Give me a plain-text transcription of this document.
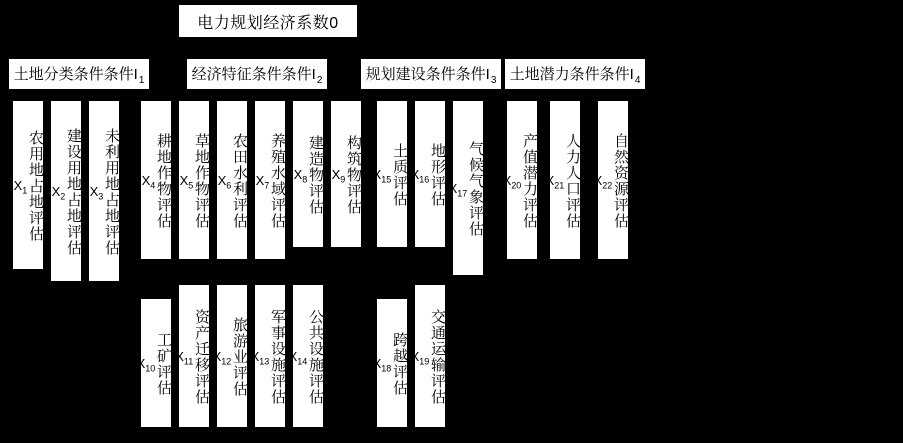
电力规划经济系数0
土地分类条件条件$I_1$	经济特征条件条件$I_2$	规划建设条件条件$I_3$ 土地潜力条件条件$I_4$
农用地占地评估
$X_1$	建设用地占地评估
$X_2$	未利用地占地评估
$X_3$	耕地作物评估
$X_4$	草地作物评估
$X_5$	农田水利评估
$X_6$	养殖水域评估
$X_7$	建造物评估
$X_8$	构筑物评估
$X_9$
工矿评估
$X_{10}$	资产迁移评估
$X_{11}$	旅游业评估
$X_{12}$	军事设施评估
$X_{13}$	公共设施评估
$X_{14}$
土质评估
$X_{15}$	地形评估
$X_{16}$	气候气象评估
$X_{17}$
跨越评估
$X_{18}$	交通运输评估
$X_{19}$
产值潜力评估
$X_{20}$	人力人口评估
$X_{21}$	自然资源评估
$X_{22}$
